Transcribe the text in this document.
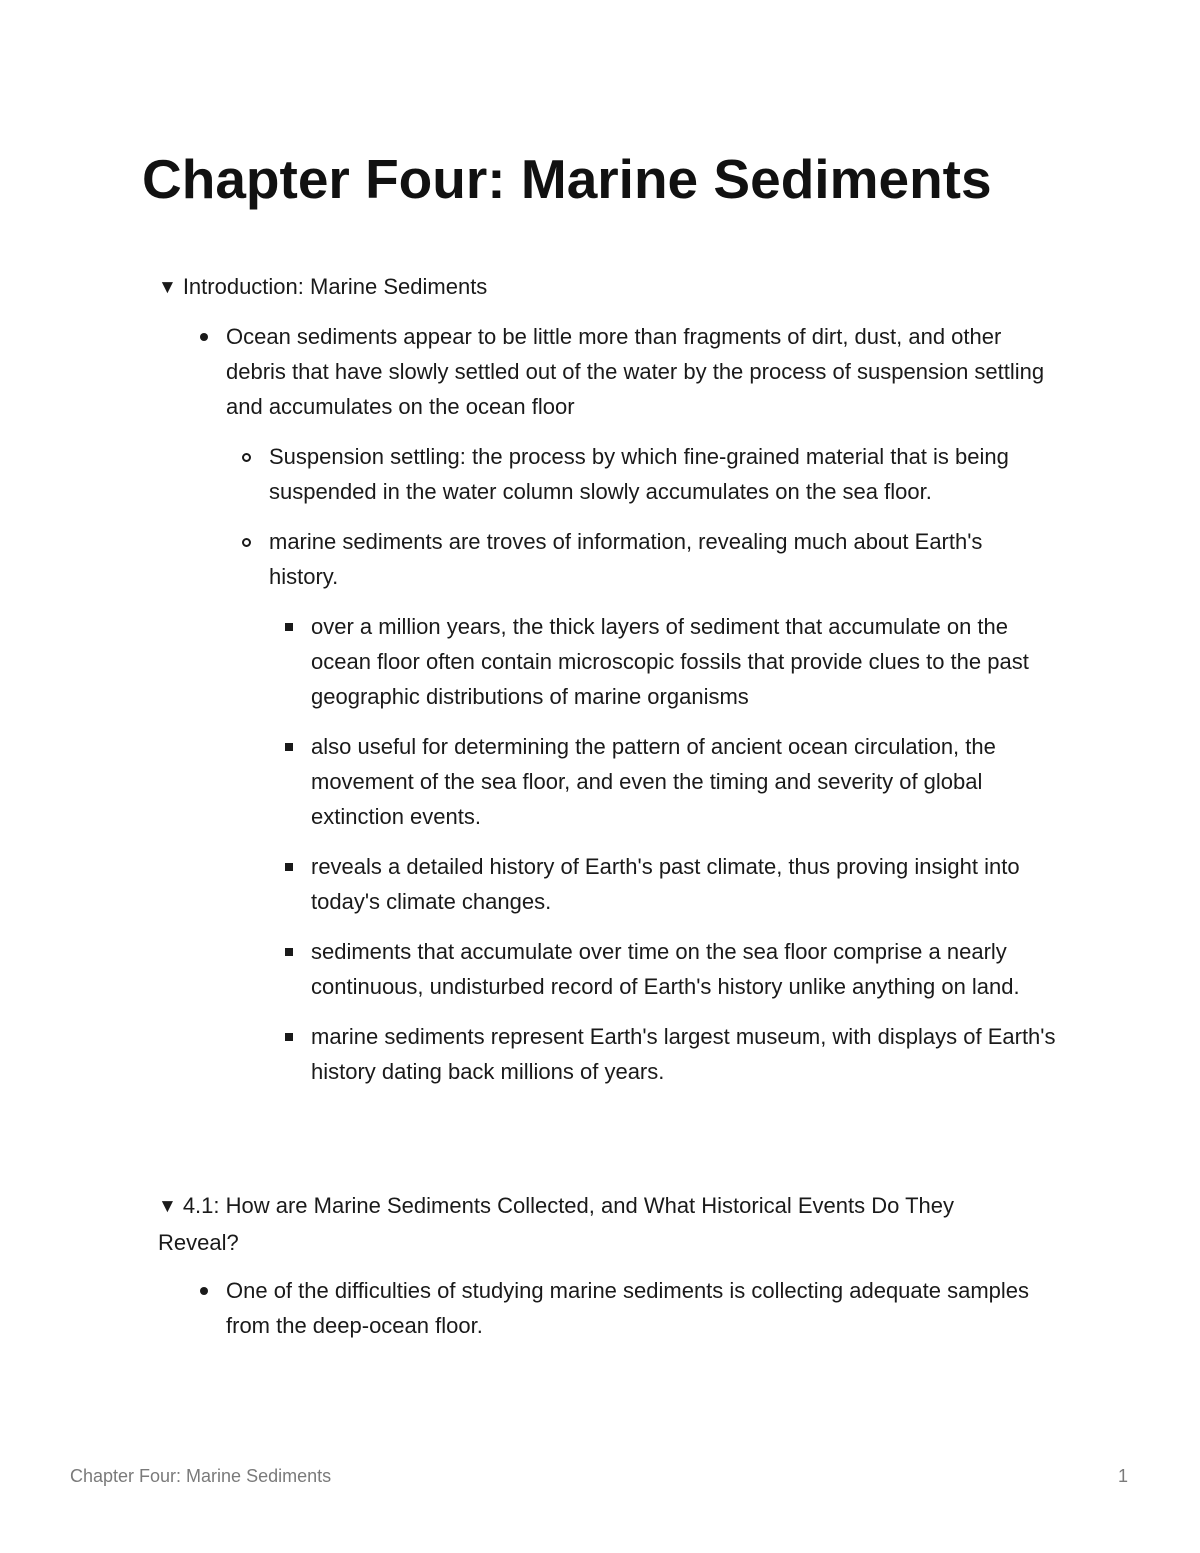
Chapter Four: Marine Sediments
▼ Introduction: Marine Sediments
Ocean sediments appear to be little more than fragments of dirt, dust, and other debris that have slowly settled out of the water by the process of suspension settling and accumulates on the ocean floor
Suspension settling: the process by which fine-grained material that is being suspended in the water column slowly accumulates on the sea floor.
marine sediments are troves of information, revealing much about Earth's history.
over a million years, the thick layers of sediment that accumulate on the ocean floor often contain microscopic fossils that provide clues to the past geographic distributions of marine organisms
also useful for determining the pattern of ancient ocean circulation, the movement of the sea floor, and even the timing and severity of global extinction events.
reveals a detailed history of Earth's past climate, thus proving insight into today's climate changes.
sediments that accumulate over time on the sea floor comprise a nearly continuous, undisturbed record of Earth's history unlike anything on land.
marine sediments represent Earth's largest museum, with displays of Earth's history dating back millions of years.
▼ 4.1: How are Marine Sediments Collected, and What Historical Events Do They Reveal?
One of the difficulties of studying marine sediments is collecting adequate samples from the deep-ocean floor.
Chapter Four: Marine Sediments	1
